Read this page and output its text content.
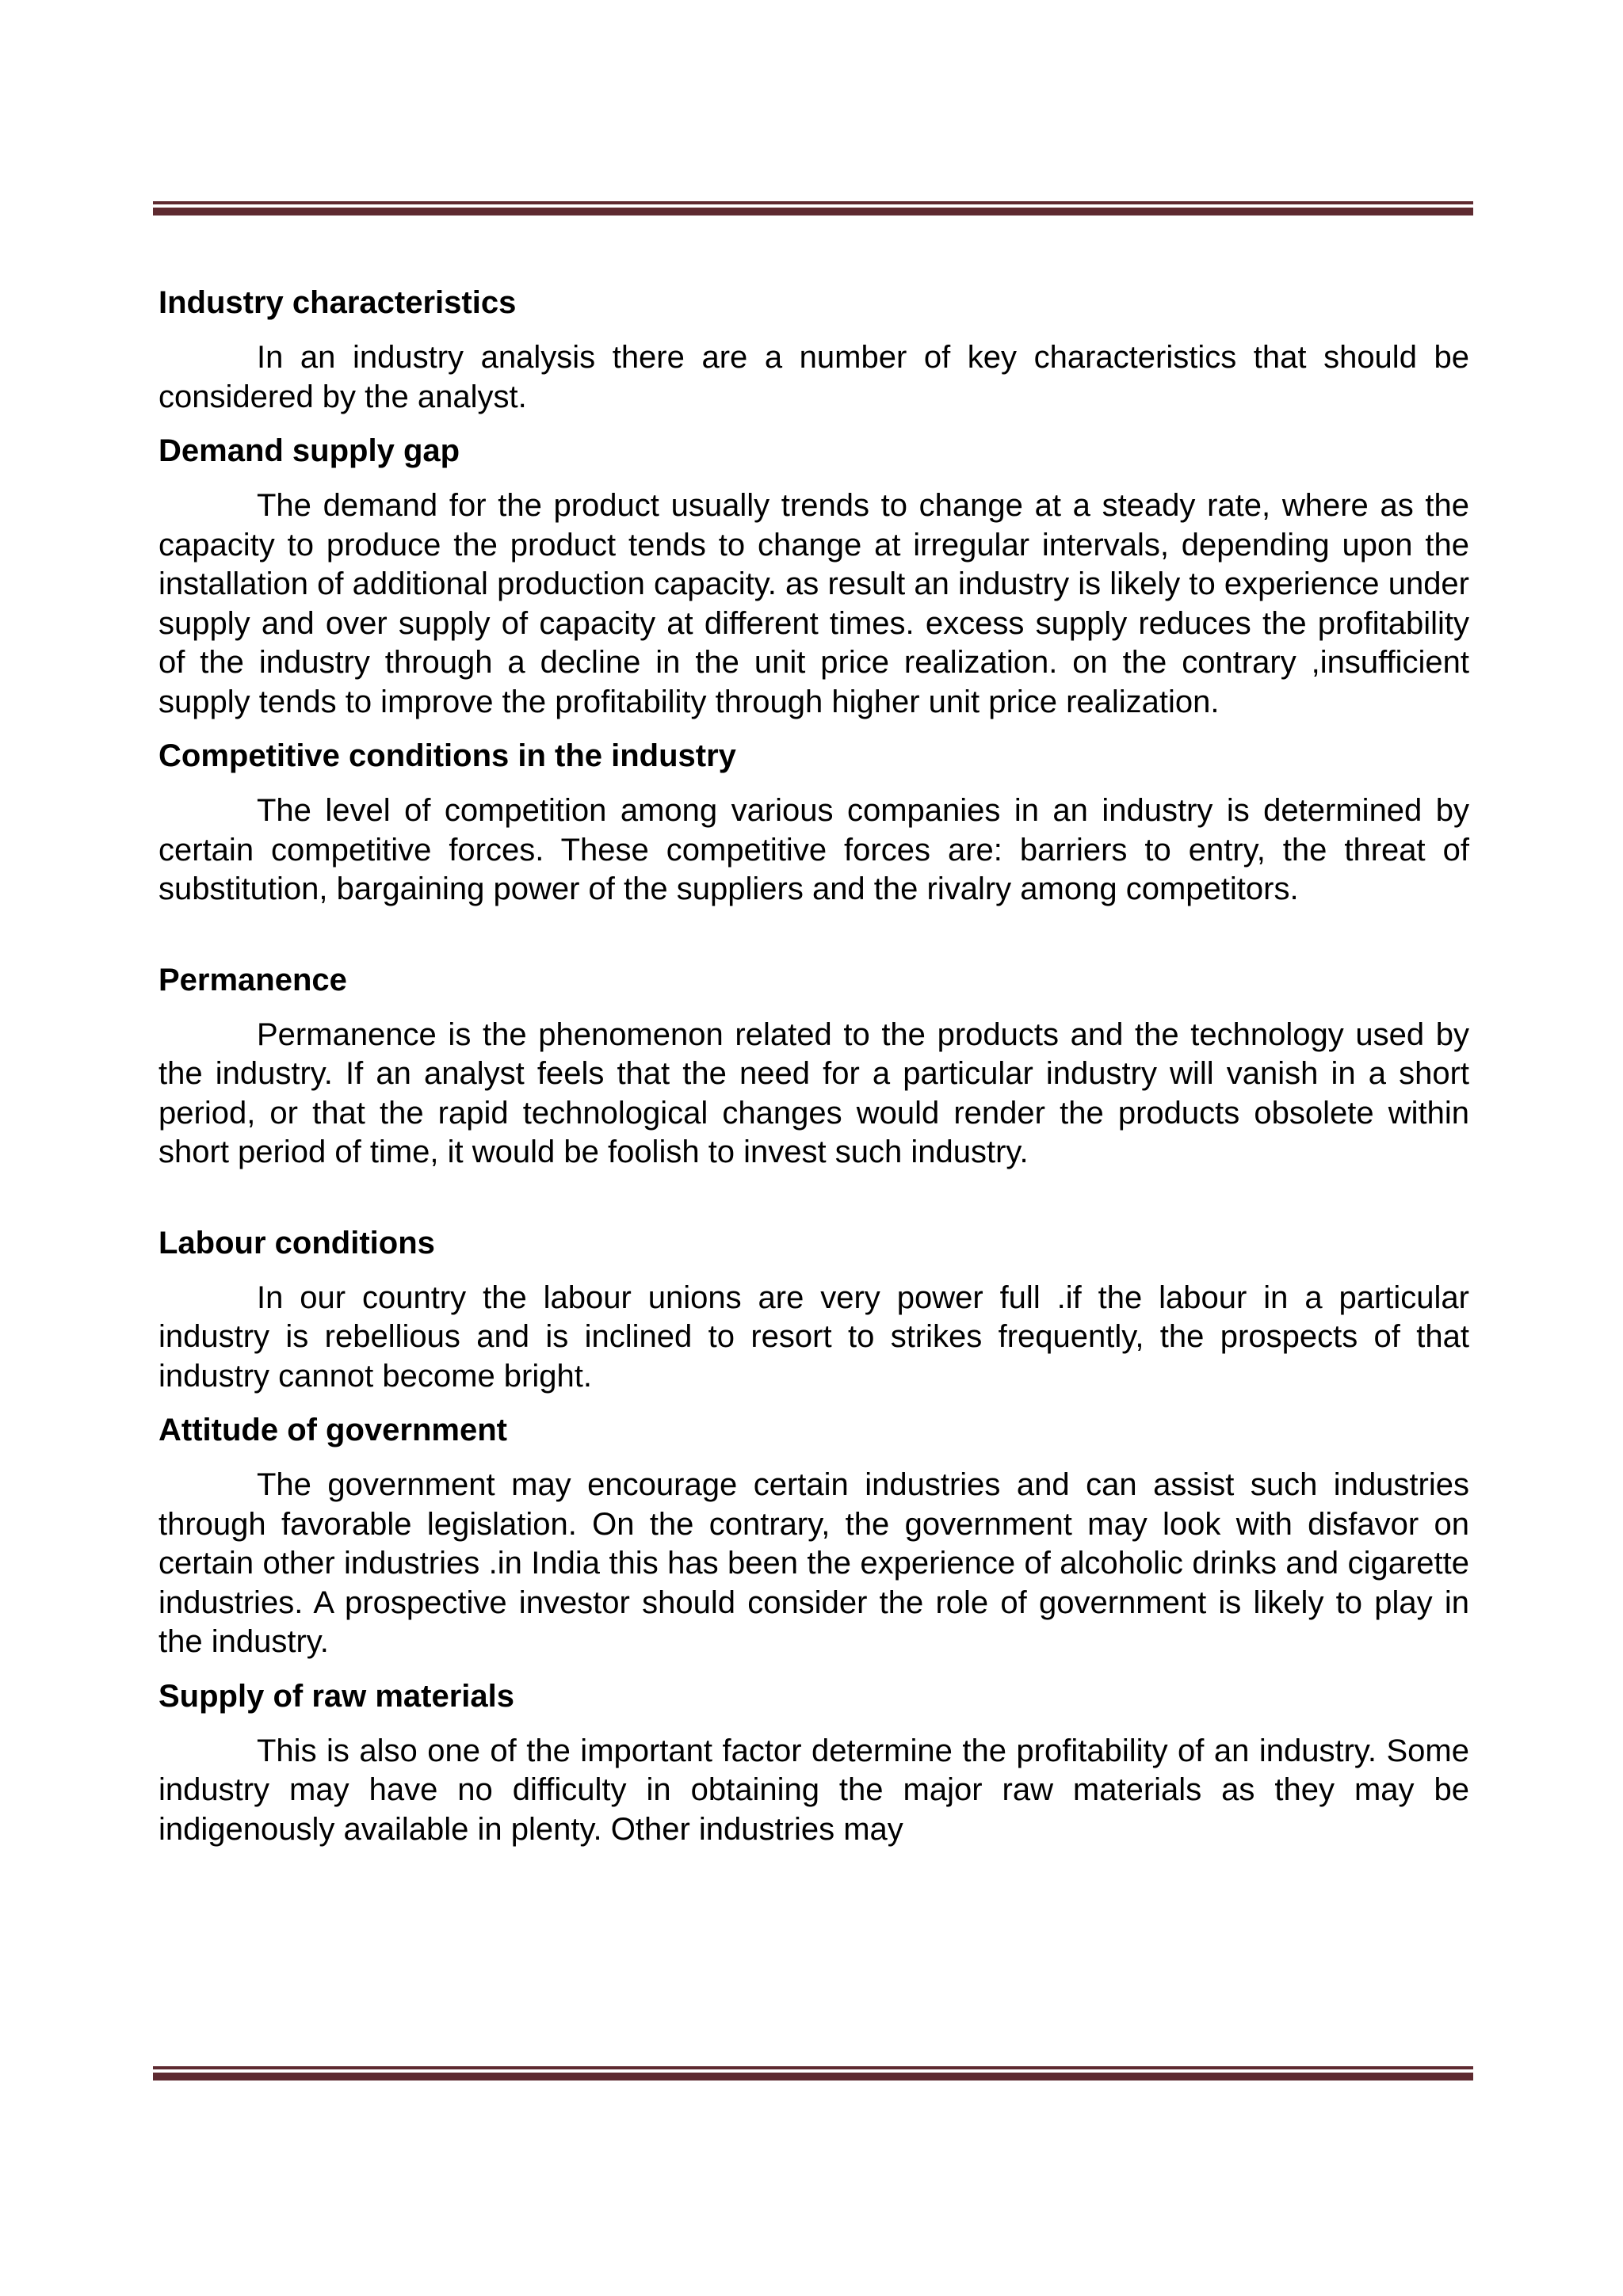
Industry characteristics

In an industry analysis there are a number of key characteristics that should be considered by the analyst.

Demand supply gap

The demand for the product usually trends to change at a steady rate, where as the capacity to produce the product tends to change at irregular intervals, depending upon the installation of additional production capacity. as result an industry is likely to experience under supply and over supply of capacity at different times. excess supply reduces the profitability of the industry through a decline in the unit price realization. on the contrary ,insufficient supply tends to improve the profitability through higher unit price realization.

Competitive conditions in the industry

The level of competition among various companies in an industry is determined by certain competitive forces. These competitive forces are: barriers to entry, the threat of substitution, bargaining power of the suppliers and the rivalry among competitors.

Permanence

Permanence is the phenomenon related to the products and the technology used by the industry. If an analyst feels that the need for a particular industry will vanish in a short period, or that the rapid technological changes would render the products obsolete within short period of time, it would be foolish to invest such industry.

Labour conditions

In our country the labour unions are very power full .if the labour in a particular industry is rebellious and is inclined to resort to strikes frequently, the prospects of that industry cannot become bright.

Attitude of government

The government may encourage certain industries and can assist such industries through favorable legislation. On the contrary, the government may look with disfavor on certain other industries .in India this has been the experience of alcoholic drinks and cigarette industries. A prospective investor should consider the role of government is likely to play in the industry.

Supply of raw materials

This is also one of the important factor determine the profitability of an industry. Some industry may have no difficulty in obtaining the major raw materials as they may be indigenously available in plenty. Other industries may
